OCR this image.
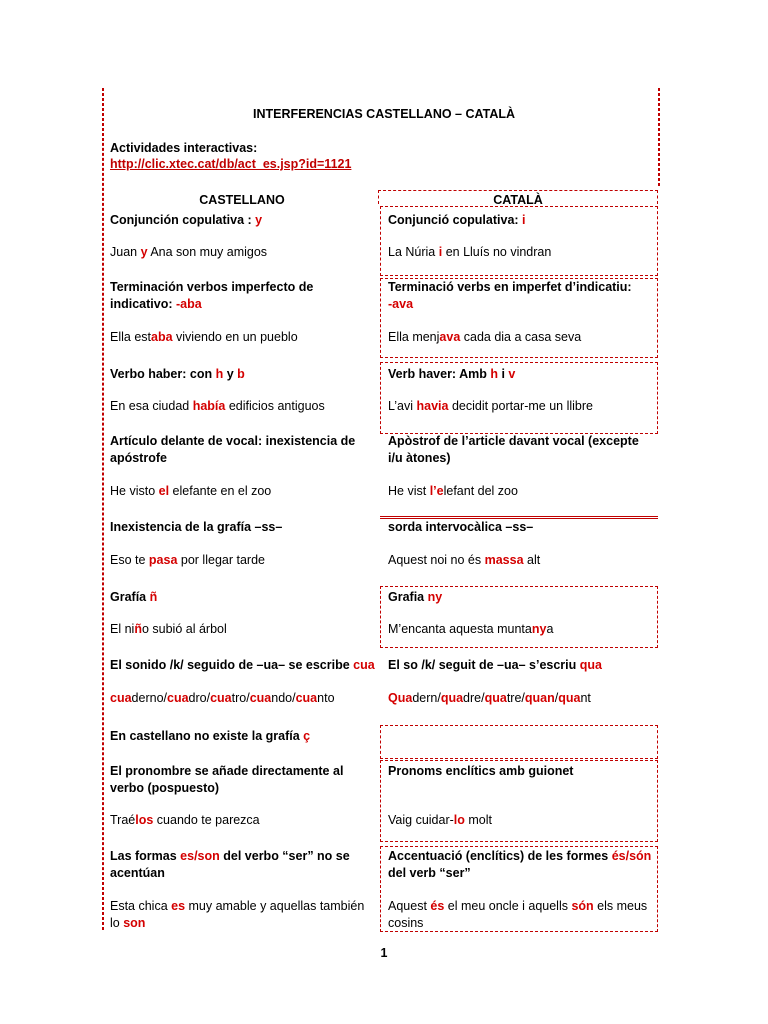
INTERFERENCIAS CASTELLANO – CATALÀ
Actividades interactivas:
http://clic.xtec.cat/db/act_es.jsp?id=1121
CASTELLANO	CATALÀ
Conjunción copulativa : y
Juan y Ana son muy amigos
Conjunció copulativa: i
La Núria i en Lluís no vindran
Terminación verbos imperfecto de
indicativo: -aba
Ella estaba viviendo en un pueblo
Terminació verbs en imperfet d’indicatiu:
-ava
Ella menjava cada dia a casa seva
Verbo haber: con h y b
En esa ciudad había edificios antiguos
Verb haver: Amb h i v
L’avi havia decidit portar-me un llibre
Artículo delante de vocal: inexistencia de
apóstrofe
He visto el elefante en el zoo
Apòstrof de l’article davant vocal (excepte
i/u àtones)
He vist l’elefant del zoo
Inexistencia de la grafía –ss–
Eso te pasa por llegar tarde
sorda intervocàlica –ss–
Aquest noi no és massa alt
Grafía ñ
El niño subió al árbol
Grafia ny
M’encanta aquesta muntanya
El sonido /k/ seguido de –ua– se escribe cua
cuaderno/cuadro/cuatro/cuando/cuanto
El so /k/ seguit de –ua– s’escriu qua
Quadern/quadre/quatre/quan/quant
En castellano no existe la grafía ç
El pronombre se añade directamente al
verbo (pospuesto)
Traélos cuando te parezca
Pronoms enclítics amb guionet
Vaig cuidar-lo molt
Las formas es/son del verbo “ser” no se
acentúan
Esta chica es muy amable y aquellas también
lo son
Accentuació (enclítics) de les formes és/són
del verb “ser”
Aquest és el meu oncle i aquells són els meus
cosins
1
